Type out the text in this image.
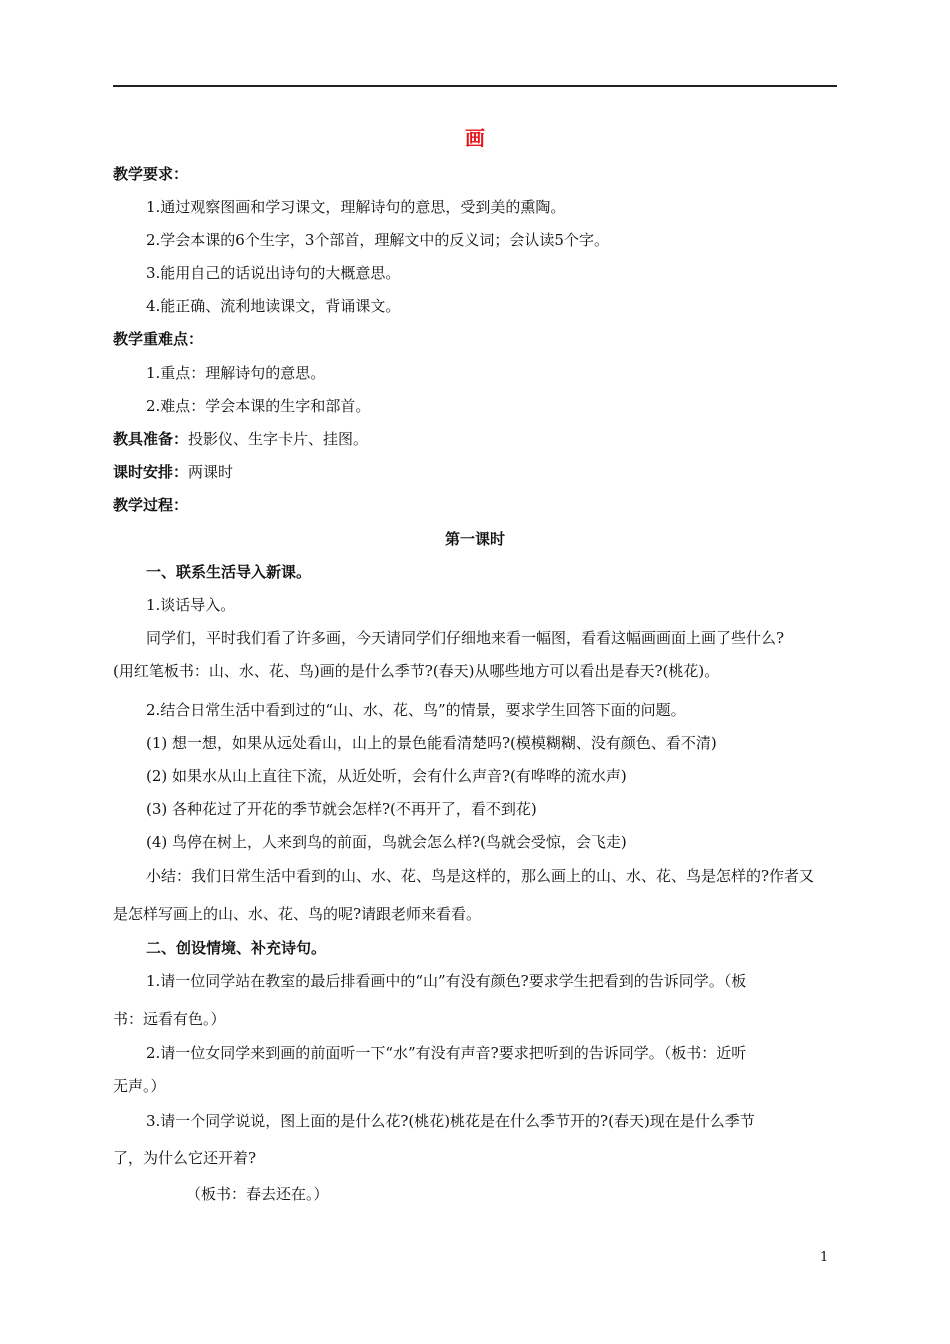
画
教学要求：
1.通过观察图画和学习课文，理解诗句的意思，受到美的熏陶。
2.学会本课的6个生字，3个部首，理解文中的反义词；会认读5个字。
3.能用自己的话说出诗句的大概意思。
4.能正确、流利地读课文，背诵课文。
教学重难点：
1.重点：理解诗句的意思。
2.难点：学会本课的生字和部首。
教具准备：投影仪、生字卡片、挂图。
课时安排：两课时
教学过程：
第一课时
一、联系生活导入新课。
1.谈话导入。
同学们，平时我们看了许多画，今天请同学们仔细地来看一幅图，看看这幅画画面上画了些什么?
(用红笔板书：山、水、花、鸟)画的是什么季节?(春天)从哪些地方可以看出是春天?(桃花)。
2.结合日常生活中看到过的“山、水、花、鸟”的情景，要求学生回答下面的问题。
(1) 想一想，如果从远处看山，山上的景色能看清楚吗?(模模糊糊、没有颜色、看不清)
(2) 如果水从山上直往下流，从近处听，会有什么声音?(有哗哗的流水声)
(3) 各种花过了开花的季节就会怎样?(不再开了，看不到花)
(4) 鸟停在树上，人来到鸟的前面，鸟就会怎么样?(鸟就会受惊，会飞走)
小结：我们日常生活中看到的山、水、花、鸟是这样的，那么画上的山、水、花、鸟是怎样的?作者又
是怎样写画上的山、水、花、鸟的呢?请跟老师来看看。
二、创设情境、补充诗句。
1.请一位同学站在教室的最后排看画中的“山”有没有颜色?要求学生把看到的告诉同学。（板
书：远看有色。）
2.请一位女同学来到画的前面听一下“水”有没有声音?要求把听到的告诉同学。（板书：近听
无声。）
3.请一个同学说说，图上面的是什么花?(桃花)桃花是在什么季节开的?(春天)现在是什么季节
了，为什么它还开着?
（板书：春去还在。）
1
